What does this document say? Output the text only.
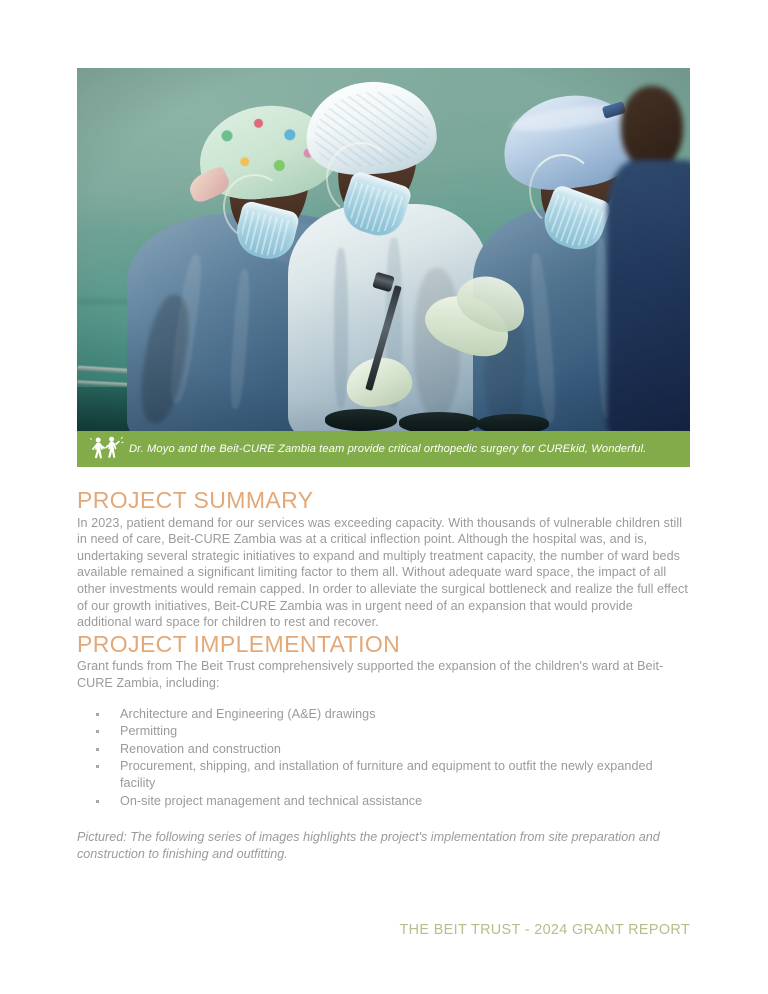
Dr. Moyo and the Beit-CURE Zambia team provide critical orthopedic surgery for CUREkid, Wonderful.
PROJECT SUMMARY

In 2023, patient demand for our services was exceeding capacity. With thousands of vulnerable children still in need of care, Beit-CURE Zambia was at a critical inflection point. Although the hospital was, and is, undertaking several strategic initiatives to expand and multiply treatment capacity, the number of ward beds available remained a significant limiting factor to them all. Without adequate ward space, the impact of all other investments would remain capped. In order to alleviate the surgical bottleneck and realize the full effect of our growth initiatives, Beit-CURE Zambia was in urgent need of an expansion that would provide additional ward space for children to rest and recover.

PROJECT IMPLEMENTATION

Grant funds from The Beit Trust comprehensively supported the expansion of the children's ward at Beit-CURE Zambia, including:

Architecture and Engineering (A&E) drawings
Permitting
Renovation and construction
Procurement, shipping, and installation of furniture and equipment to outfit the newly expanded facility
On-site project management and technical assistance

Pictured: The following series of images highlights the project's implementation from site preparation and construction to finishing and outfitting.

THE BEIT TRUST - 2024 GRANT REPORT
